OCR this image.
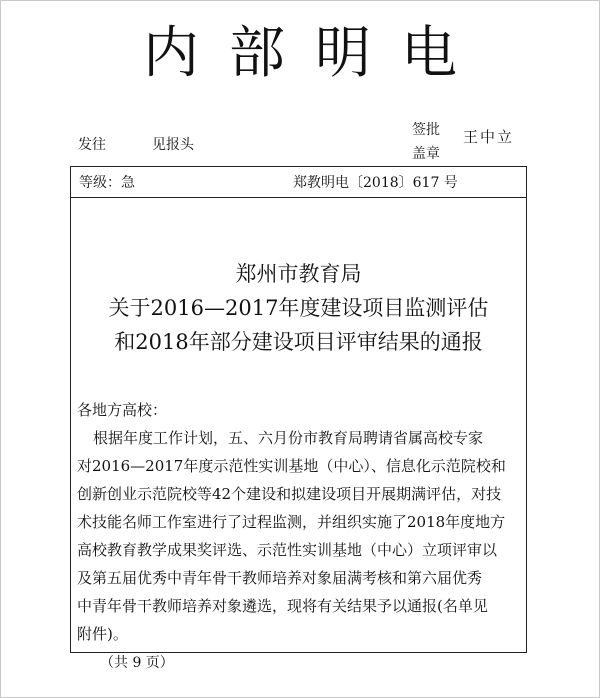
内部明电
发往	见报头
签批
盖章
王中立
等级：急	郑教明电〔2018〕617 号
郑州市教育局
关于2016—2017年度建设项目监测评估
和2018年部分建设项目评审结果的通报
各地方高校：
根据年度工作计划，五、六月份市教育局聘请省属高校专家
对2016—2017年度示范性实训基地（中心）、信息化示范院校和
创新创业示范院校等42个建设和拟建设项目开展期满评估，对技
术技能名师工作室进行了过程监测，并组织实施了2018年度地方
高校教育教学成果奖评选、示范性实训基地（中心）立项评审以
及第五届优秀中青年骨干教师培养对象届满考核和第六届优秀
中青年骨干教师培养对象遴选，现将有关结果予以通报(名单见
附件)。
（共 9 页）
